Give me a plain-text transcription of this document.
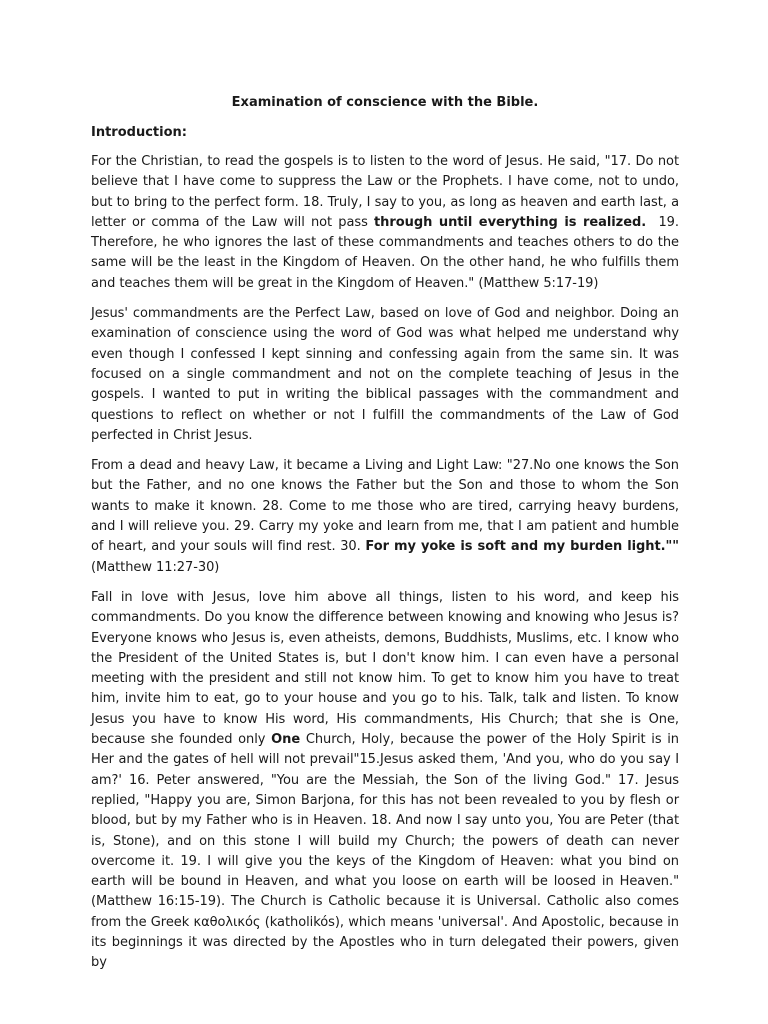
Examination of conscience with the Bible.
Introduction:

For the Christian, to read the gospels is to listen to the word of Jesus. He said, "17. Do not believe that I have come to suppress the Law or the Prophets. I have come, not to undo, but to bring to the perfect form. 18. Truly, I say to you, as long as heaven and earth last, a letter or comma of the Law will not pass through until everything is realized.  19. Therefore, he who ignores the last of these commandments and teaches others to do the same will be the least in the Kingdom of Heaven. On the other hand, he who fulfills them and teaches them will be great in the Kingdom of Heaven." (Matthew 5:17-19)

Jesus' commandments are the Perfect Law, based on love of God and neighbor. Doing an examination of conscience using the word of God was what helped me understand why even though I confessed I kept sinning and confessing again from the same sin. It was focused on a single commandment and not on the complete teaching of Jesus in the gospels. I wanted to put in writing the biblical passages with the commandment and questions to reflect on whether or not I fulfill the commandments of the Law of God perfected in Christ Jesus.

From a dead and heavy Law, it became a Living and Light Law: "27.No one knows the Son but the Father, and no one knows the Father but the Son and those to whom the Son wants to make it known. 28. Come to me those who are tired, carrying heavy burdens, and I will relieve you. 29. Carry my yoke and learn from me, that I am patient and humble of heart, and your souls will find rest. 30. For my yoke is soft and my burden light."" (Matthew 11:27-30)

Fall in love with Jesus, love him above all things, listen to his word, and keep his commandments. Do you know the difference between knowing and knowing who Jesus is? Everyone knows who Jesus is, even atheists, demons, Buddhists, Muslims, etc. I know who the President of the United States is, but I don't know him. I can even have a personal meeting with the president and still not know him. To get to know him you have to treat him, invite him to eat, go to your house and you go to his. Talk, talk and listen. To know Jesus you have to know His word, His commandments, His Church; that she is One, because she founded only One Church, Holy, because the power of the Holy Spirit is in Her and the gates of hell will not prevail"15.Jesus asked them, 'And you, who do you say I am?' 16. Peter answered, "You are the Messiah, the Son of the living God." 17. Jesus replied, "Happy you are, Simon Barjona, for this has not been revealed to you by flesh or blood, but by my Father who is in Heaven. 18. And now I say unto you, You are Peter (that is, Stone), and on this stone I will build my Church; the powers of death can never overcome it. 19. I will give you the keys of the Kingdom of Heaven: what you bind on earth will be bound in Heaven, and what you loose on earth will be loosed in Heaven." (Matthew 16:15-19). The Church is Catholic because it is Universal. Catholic also comes from the Greek καθολικός (katholikós), which means 'universal'. And Apostolic, because in its beginnings it was directed by the Apostles who in turn delegated their powers, given by
